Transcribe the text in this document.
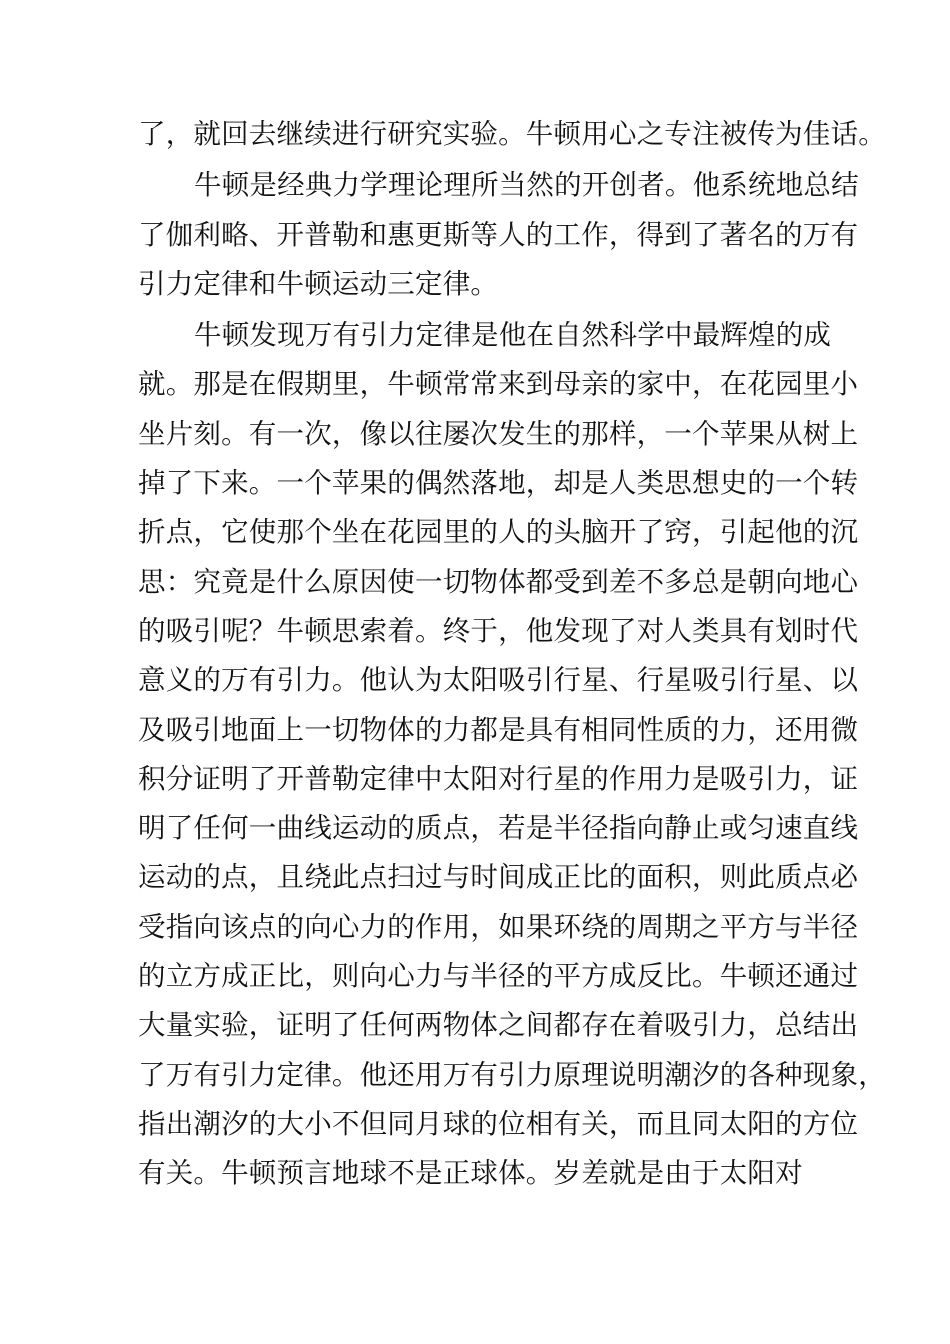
了，就回去继续进行研究实验。牛顿用心之专注被传为佳话。
牛顿是经典力学理论理所当然的开创者。他系统地总结
了伽利略、开普勒和惠更斯等人的工作，得到了著名的万有
引力定律和牛顿运动三定律。
牛顿发现万有引力定律是他在自然科学中最辉煌的成
就。那是在假期里，牛顿常常来到母亲的家中，在花园里小
坐片刻。有一次，像以往屡次发生的那样，一个苹果从树上
掉了下来。一个苹果的偶然落地，却是人类思想史的一个转
折点，它使那个坐在花园里的人的头脑开了窍，引起他的沉
思：究竟是什么原因使一切物体都受到差不多总是朝向地心
的吸引呢？牛顿思索着。终于，他发现了对人类具有划时代
意义的万有引力。他认为太阳吸引行星、行星吸引行星、以
及吸引地面上一切物体的力都是具有相同性质的力，还用微
积分证明了开普勒定律中太阳对行星的作用力是吸引力，证
明了任何一曲线运动的质点，若是半径指向静止或匀速直线
运动的点，且绕此点扫过与时间成正比的面积，则此质点必
受指向该点的向心力的作用，如果环绕的周期之平方与半径
的立方成正比，则向心力与半径的平方成反比。牛顿还通过
大量实验，证明了任何两物体之间都存在着吸引力，总结出
了万有引力定律。他还用万有引力原理说明潮汐的各种现象，
指出潮汐的大小不但同月球的位相有关，而且同太阳的方位
有关。牛顿预言地球不是正球体。岁差就是由于太阳对
